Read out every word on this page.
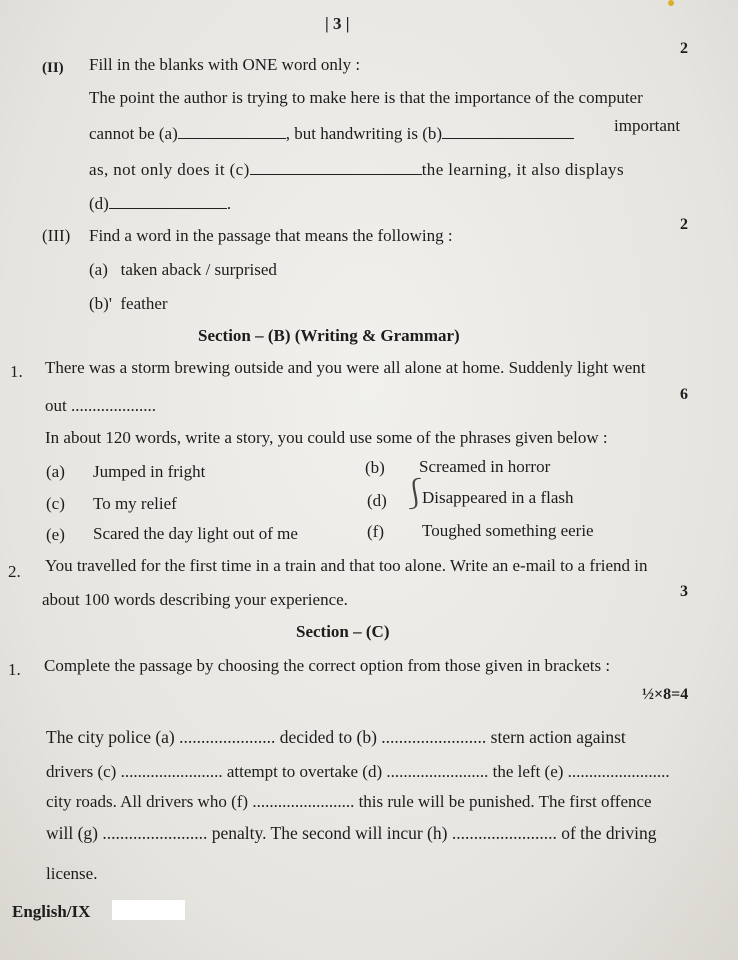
| 3 |
(II) Fill in the blanks with ONE word only :
2
The point the author is trying to make here is that the importance of the computer
cannot be (a)	, but handwriting is (b)	important
as, not only does it (c)	the learning, it also displays
(d)	.
(III) Find a word in the passage that means the following :
2
(a)   taken aback / surprised
(b)'  feather
Section – (B) (Writing & Grammar)
1. There was a storm brewing outside and you were all alone at home. Suddenly light went
out ....................
6
In about 120 words, write a story, you could use some of the phrases given below :
(a) Jumped in fright	(b) Screamed in horror
(c) To my relief	(d) Disappeared in a flash
(e) Scared the day light out of me	(f) Toughed something eerie
⎰
2. You travelled for the first time in a train and that too alone. Write an e-mail to a friend in
about 100 words describing your experience.	3
Section – (C)
1. Complete the passage by choosing the correct option from those given in brackets :
½×8=4
The city police (a) ...................... decided to (b) ........................ stern action against
drivers (c) ........................ attempt to overtake (d) ........................ the left (e) ........................
city roads. All drivers who (f) ........................ this rule will be punished. The first offence
will (g) ........................ penalty. The second will incur (h) ........................ of the driving
license.
English/IX
